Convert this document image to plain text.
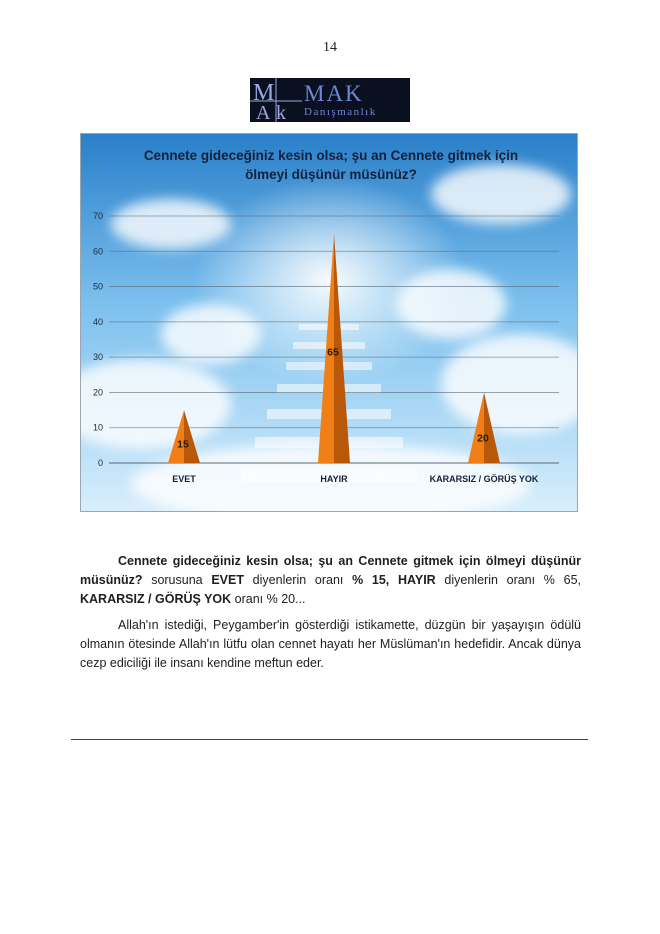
14
M
A k
MAK
Danışmanlık
0
10
20
30
40
50
60
70
15
EVET
65
HAYIR
20
KARARSIZ / GÖRÜŞ YOK
Cennete gideceğiniz kesin olsa; şu an Cennete gitmek için ölmeyi düşünür müsünüz?

Cennete gideceğiniz kesin olsa; şu an Cennete gitmek için ölmeyi düşünür müsünüz? sorusuna EVET diyenlerin oranı % 15, HAYIR diyenlerin oranı % 65, KARARSIZ / GÖRÜŞ YOK oranı % 20...

Allah'ın istediği, Peygamber'in gösterdiği istikamette, düzgün bir yaşayışın ödülü olmanın ötesinde Allah'ın lütfu olan cennet hayatı her Müslüman'ın hedefidir. Ancak dünya cezp ediciliği ile insanı kendine meftun eder.
